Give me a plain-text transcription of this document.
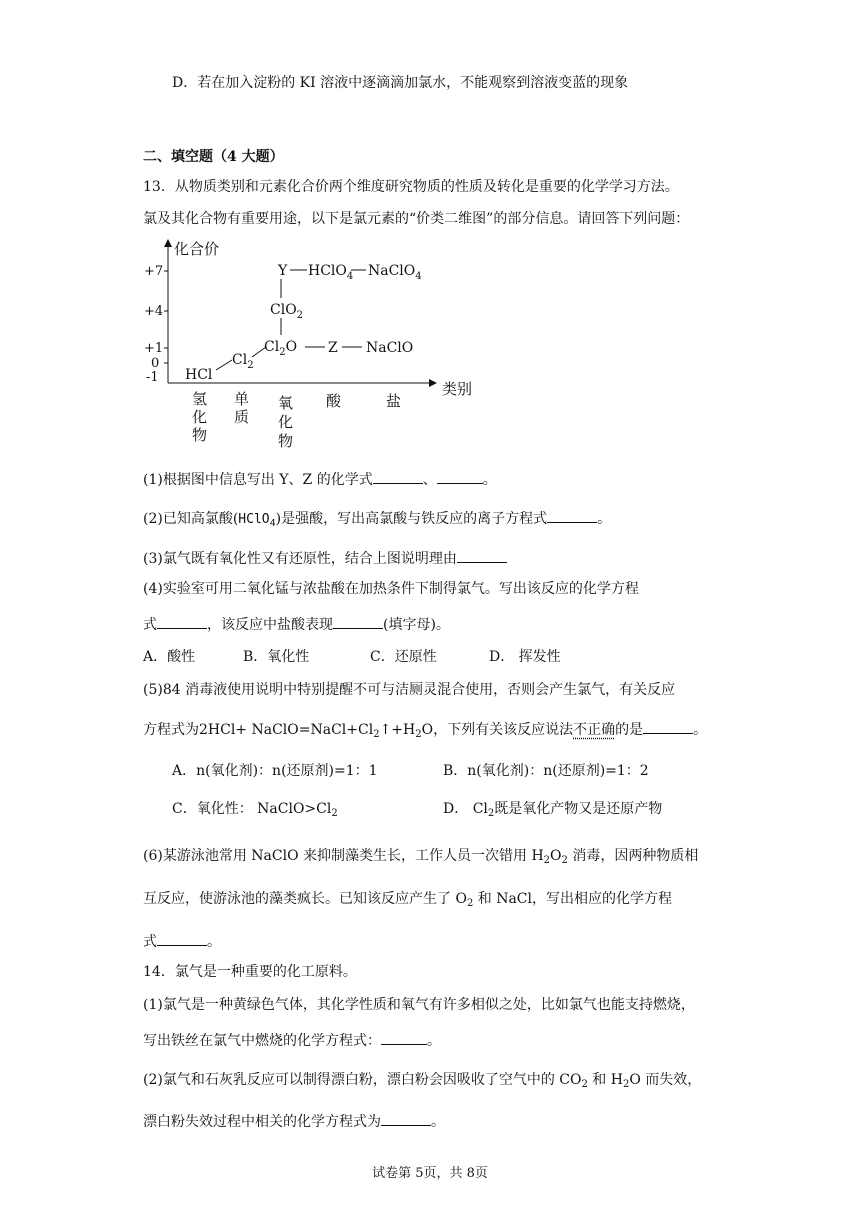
D．若在加入淀粉的 KI 溶液中逐滴滴加氯水，不能观察到溶液变蓝的现象
二、填空题（4 大题）
13．从物质类别和元素化合价两个维度研究物质的性质及转化是重要的化学学习方法。
氯及其化合物有重要用途，以下是氯元素的“价类二维图”的部分信息。请回答下列问题：
化合价
类别
+7
+4
+1
0
-1
氢
化
物
单
质
氧
化
物
酸	盐
HCl
$Cl_2$
$Cl_2O$ Z NaClO
ClO$_2$
Y HClO$_4$ NaClO$_4$
(1)根据图中信息写出 Y、Z 的化学式	、	。
(2)已知高氯酸(HClO$_4$)是强酸，写出高氯酸与铁反应的离子方程式	。
(3)氯气既有氧化性又有还原性，结合上图说明理由
(4)实验室可用二氧化锰与浓盐酸在加热条件下制得氯气。写出该反应的化学方程
式	，该反应中盐酸表现	(填字母)。
A．酸性	B．氧化性	C．还原性	D． 挥发性
(5)84 消毒液使用说明中特别提醒不可与洁厕灵混合使用，否则会产生氯气，有关反应
方程式为$2HCl+ NaClO=NaCl+Cl_2↑+H_2O$，下列有关该反应说法不正确的是	。
A．n(氧化剂)：n(还原剂)=1：1	B．n(氧化剂)：n(还原剂)=1：2
C．氧化性： $NaClO>Cl_2$	D． $Cl_2$既是氧化产物又是还原产物
(6)某游泳池常用 NaClO 来抑制藻类生长，工作人员一次错用 $H_2O_2$ 消毒，因两种物质相
互反应，使游泳池的藻类疯长。已知该反应产生了 $O_2$ 和 NaCl，写出相应的化学方程
式	。
14．氯气是一种重要的化工原料。
(1)氯气是一种黄绿色气体，其化学性质和氧气有许多相似之处，比如氯气也能支持燃烧，
写出铁丝在氯气中燃烧的化学方程式：	。
(2)氯气和石灰乳反应可以制得漂白粉，漂白粉会因吸收了空气中的 $CO_2$ 和 $H_2O$ 而失效，
漂白粉失效过程中相关的化学方程式为	。
试卷第 5页，共 8页
